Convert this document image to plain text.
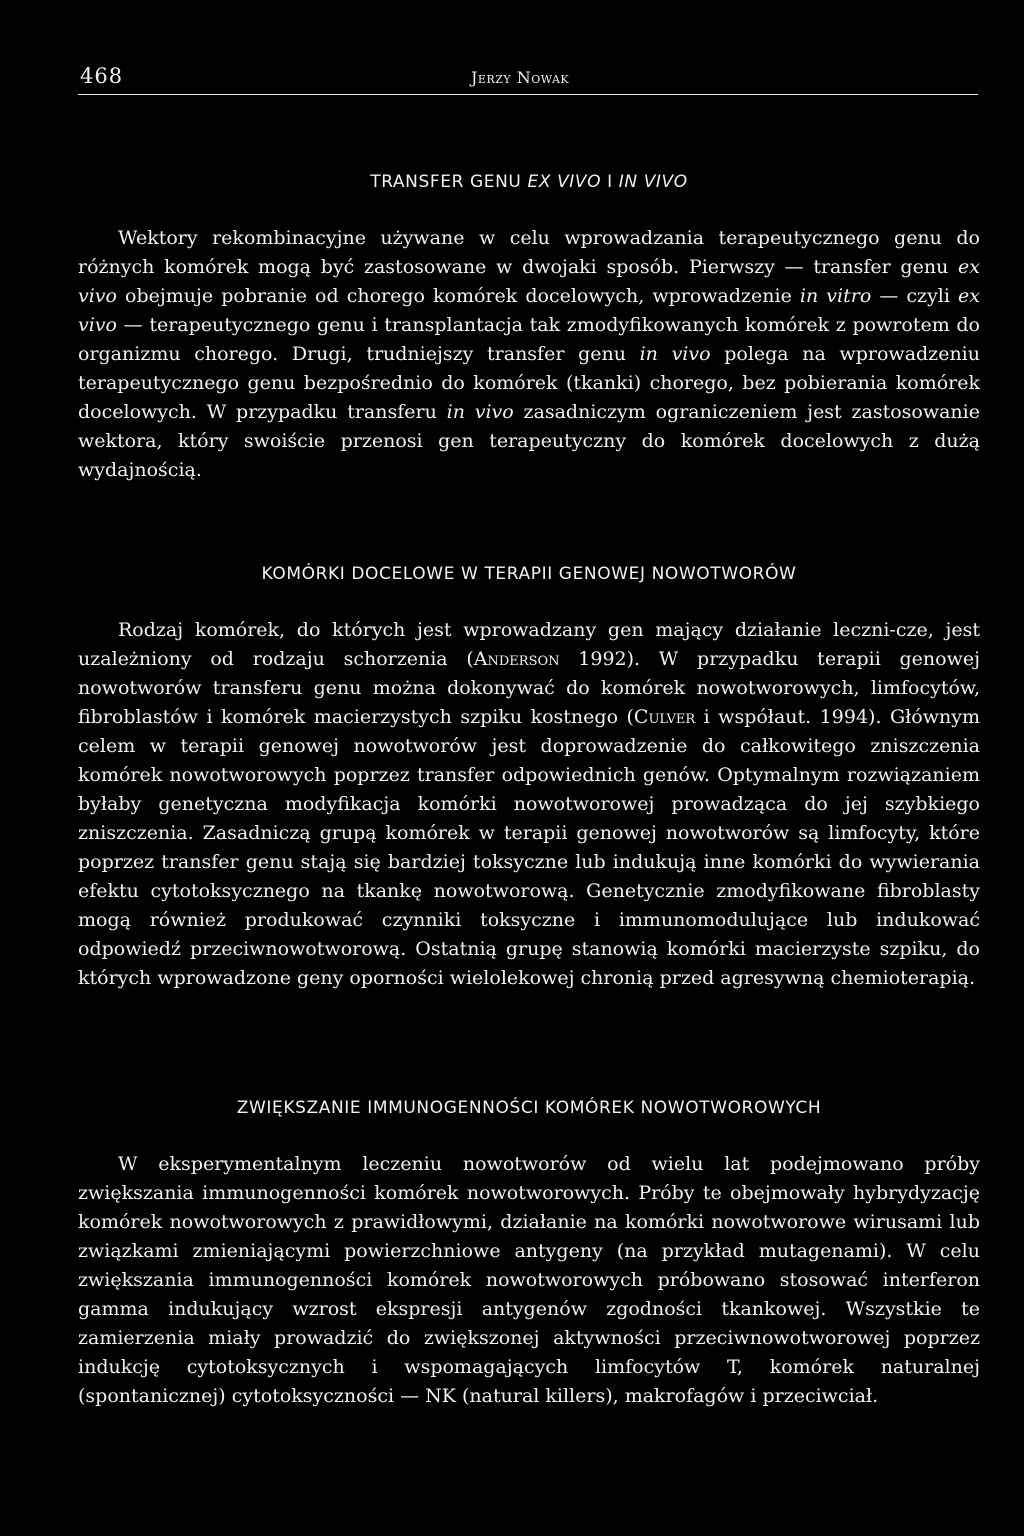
468	Jerzy Nowak
TRANSFER GENU EX VIVO I IN VIVO

Wektory rekombinacyjne używane w celu wprowadzania terapeutycznego genu do różnych komórek mogą być zastosowane w dwojaki sposób. Pierwszy — transfer genu ex vivo obejmuje pobranie od chorego komórek docelowych, wprowadzenie in vitro — czyli ex vivo — terapeutycznego genu i transplantacja tak zmodyfikowanych komórek z powrotem do organizmu chorego. Drugi, trudniejszy transfer genu in vivo polega na wprowadzeniu terapeutycznego genu bezpośrednio do komórek (tkanki) chorego, bez pobierania komórek docelowych. W przypadku transferu in vivo zasadniczym ograniczeniem jest zastosowanie wektora, który swoiście przenosi gen terapeutyczny do komórek docelowych z dużą wydajnością.

KOMÓRKI DOCELOWE W TERAPII GENOWEJ NOWOTWORÓW

Rodzaj komórek, do których jest wprowadzany gen mający działanie leczni-cze, jest uzależniony od rodzaju schorzenia (Anderson 1992). W przypadku terapii genowej nowotworów transferu genu można dokonywać do komórek nowotworowych, limfocytów, fibroblastów i komórek macierzystych szpiku kostnego (Culver i współaut. 1994). Głównym celem w terapii genowej nowotworów jest doprowadzenie do całkowitego zniszczenia komórek nowotworowych poprzez transfer odpowiednich genów. Optymalnym rozwiązaniem byłaby genetyczna modyfikacja komórki nowotworowej prowadząca do jej szybkiego zniszczenia. Zasadniczą grupą komórek w terapii genowej nowotworów są limfocyty, które poprzez transfer genu stają się bardziej toksyczne lub indukują inne komórki do wywierania efektu cytotoksycznego na tkankę nowotworową. Genetycznie zmodyfikowane fibroblasty mogą również produkować czynniki toksyczne i immunomodulujące lub indukować odpowiedź przeciwnowotworową. Ostatnią grupę stanowią komórki macierzyste szpiku, do których wprowadzone geny oporności wielolekowej chronią przed agresywną chemioterapią.

ZWIĘKSZANIE IMMUNOGENNOŚCI KOMÓREK NOWOTWOROWYCH

W eksperymentalnym leczeniu nowotworów od wielu lat podejmowano próby zwiększania immunogenności komórek nowotworowych. Próby te obejmowały hybrydyzację komórek nowotworowych z prawidłowymi, działanie na komórki nowotworowe wirusami lub związkami zmieniającymi powierzchniowe antygeny (na przykład mutagenami). W celu zwiększania immunogenności komórek nowotworowych próbowano stosować interferon gamma indukujący wzrost ekspresji antygenów zgodności tkankowej. Wszystkie te zamierzenia miały prowadzić do zwiększonej aktywności przeciwnowotworowej poprzez indukcję cytotoksycznych i wspomagających limfocytów T, komórek naturalnej (spontanicznej) cytotoksyczności — NK (natural killers), makrofagów i przeciwciał.
